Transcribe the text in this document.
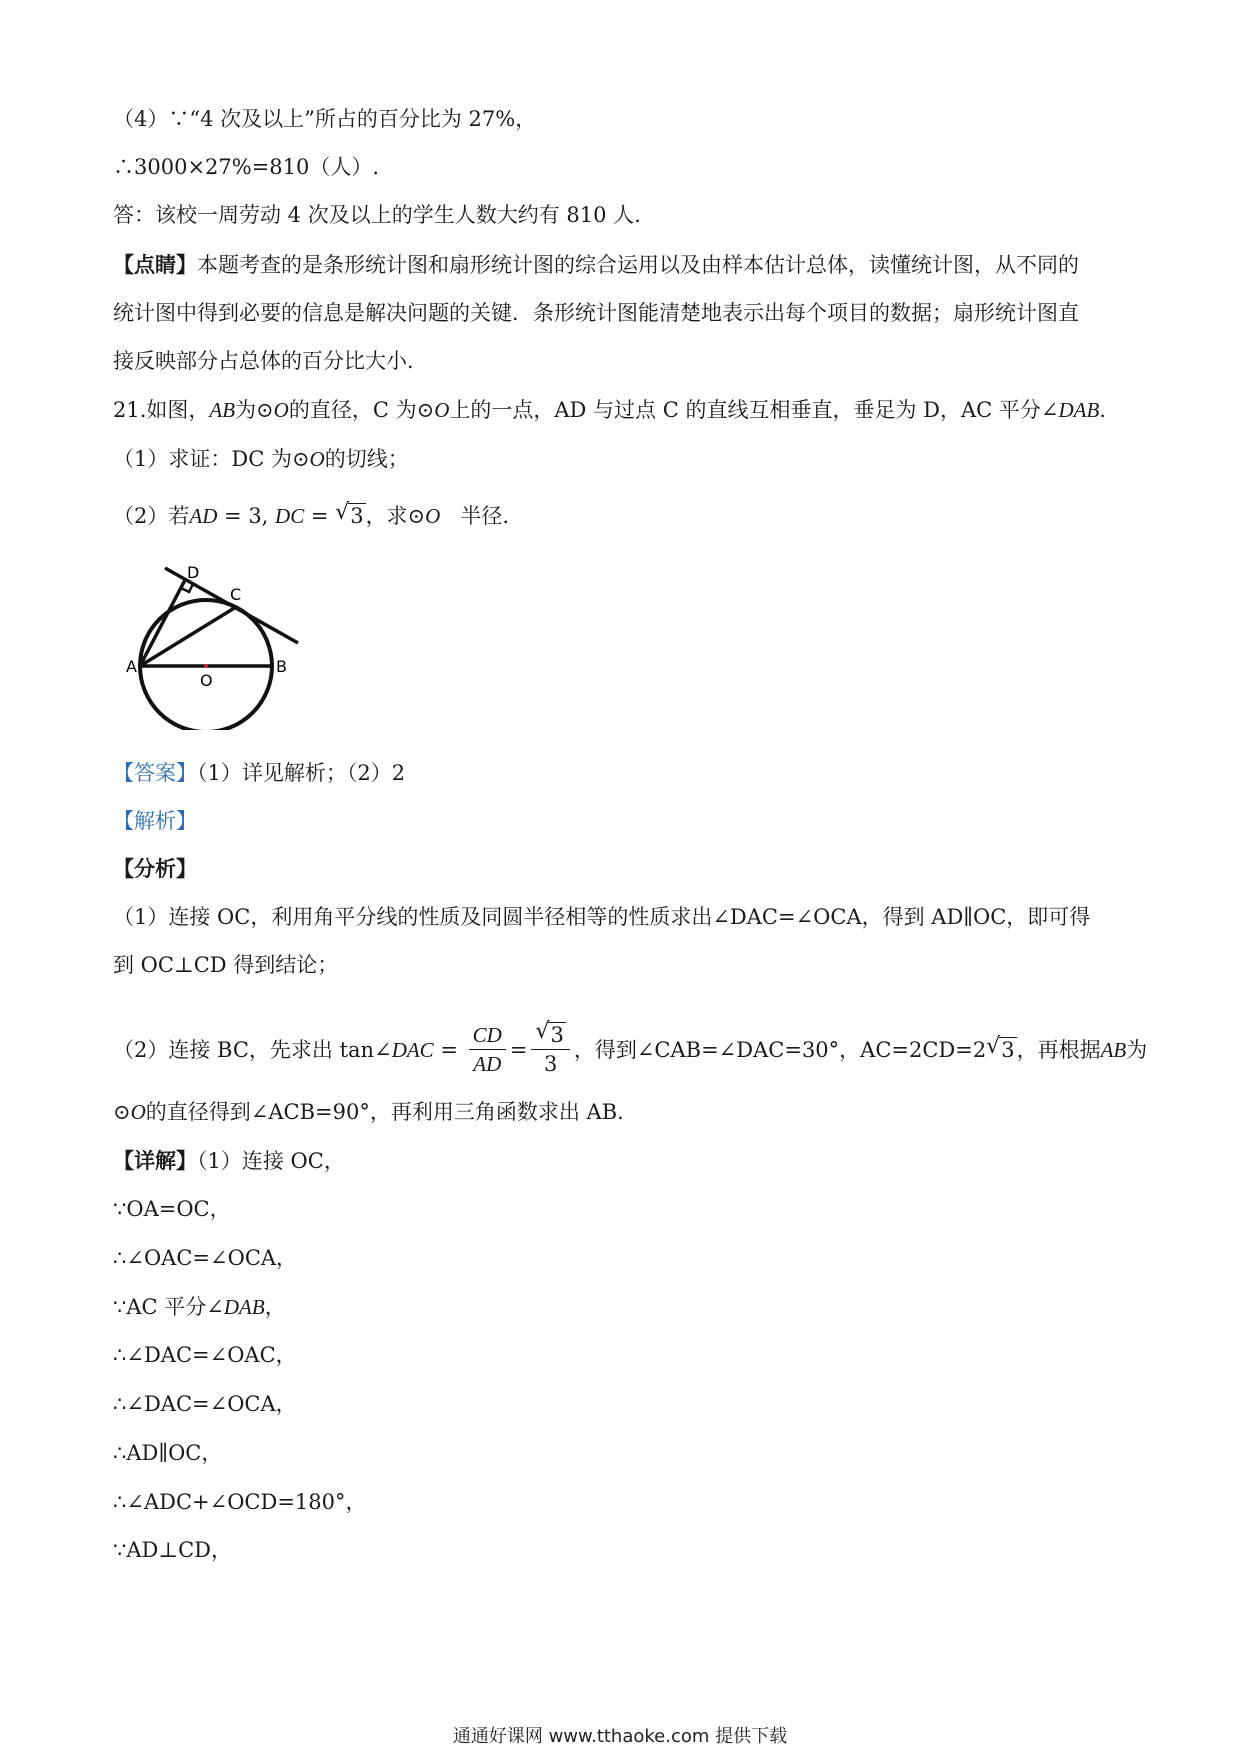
（4）∵“4 次及以上”所占的百分比为 27%，
∴3000×27%=810（人）.
答：该校一周劳动 4 次及以上的学生人数大约有 810 人.
【点睛】本题考查的是条形统计图和扇形统计图的综合运用以及由样本估计总体，读懂统计图，从不同的
统计图中得到必要的信息是解决问题的关键．条形统计图能清楚地表示出每个项目的数据；扇形统计图直
接反映部分占总体的百分比大小．
21.如图，AB为⊙O的直径，C 为⊙O上的一点，AD 与过点 C 的直线互相垂直，垂足为 D，AC 平分∠DAB.
（1）求证：DC 为⊙O的切线；
（2）若AD = 3, DC = √ 3，求⊙O 半径.
D
C
A	B
O
【答案】（1）详见解析；（2）2
【解析】
【分析】
（1）连接 OC，利用角平分线的性质及同圆半径相等的性质求出∠DAC=∠OCA，得到 AD∥OC，即可得
到 OC⊥CD 得到结论；
（2）连接 BC，先求出 tan∠DAC = $\frac{CD}{AD} = \frac{√ 3}{3}$ ，得到∠CAB=∠DAC=30°，AC=2CD=2 √ 3，再根据AB为
⊙O的直径得到∠ACB=90°，再利用三角函数求出 AB.
【详解】（1）连接 OC，
∵OA=OC，
∴∠OAC=∠OCA，
∵AC 平分∠DAB，
∴∠DAC=∠OAC，
∴∠DAC=∠OCA，
∴AD∥OC，
∴∠ADC+∠OCD=180°，
∵AD⊥CD，
通通好课网 www.tthaoke.com 提供下载
